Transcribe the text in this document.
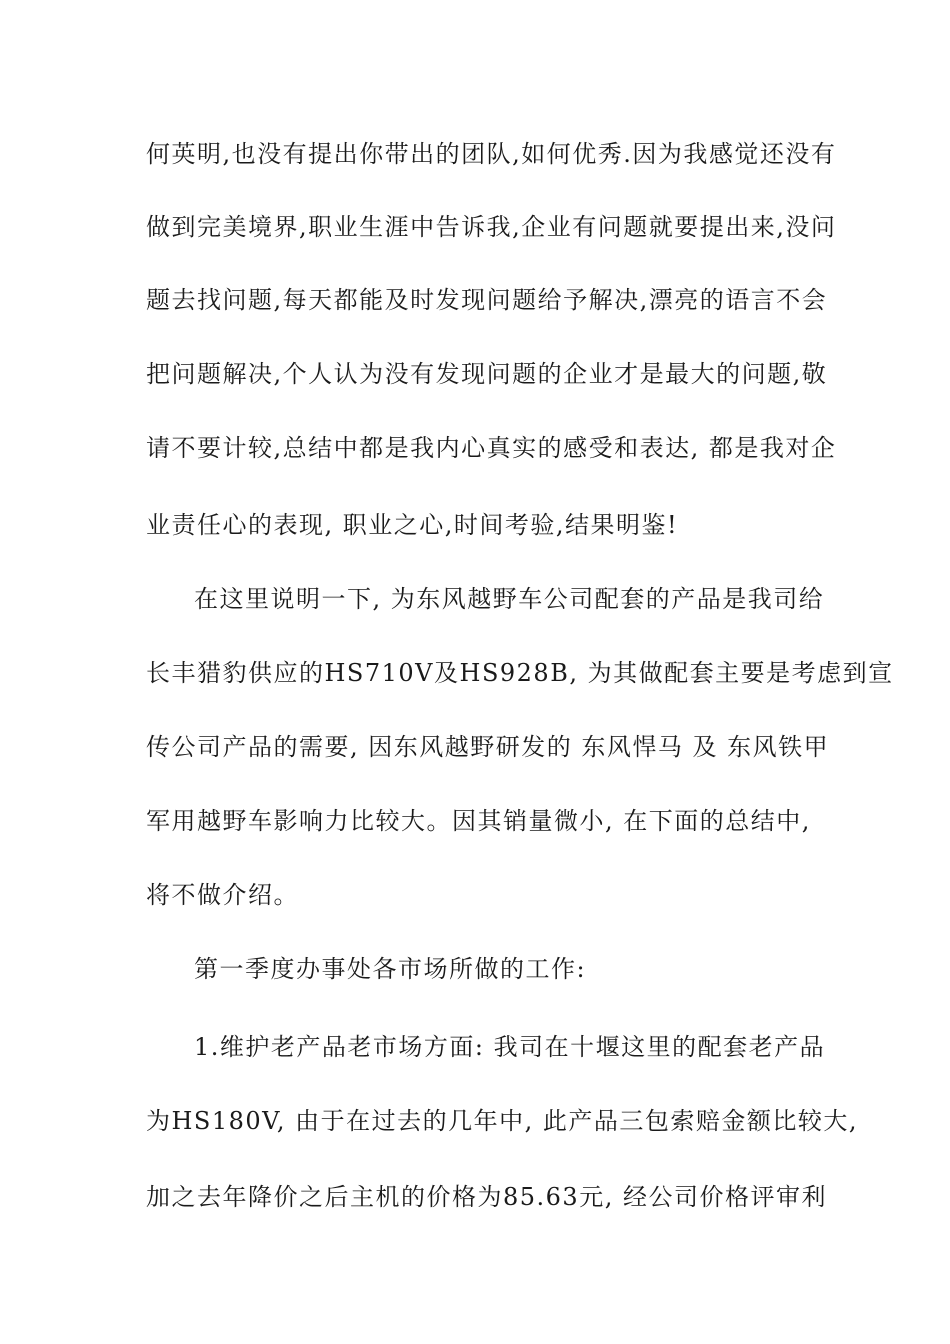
何英明,也没有提出你带出的团队,如何优秀.因为我感觉还没有

做到完美境界,职业生涯中告诉我,企业有问题就要提出来,没问

题去找问题,每天都能及时发现问题给予解决,漂亮的语言不会

把问题解决,个人认为没有发现问题的企业才是最大的问题,敬

请不要计较,总结中都是我内心真实的感受和表达, 都是我对企

业责任心的表现, 职业之心,时间考验,结果明鉴!

在这里说明一下, 为东风越野车公司配套的产品是我司给

长丰猎豹供应的HS710V及HS928B, 为其做配套主要是考虑到宣

传公司产品的需要, 因东风越野研发的 东风悍马 及 东风铁甲

军用越野车影响力比较大。因其销量微小, 在下面的总结中,

将不做介绍。

第一季度办事处各市场所做的工作:

1.维护老产品老市场方面: 我司在十堰这里的配套老产品

为HS180V, 由于在过去的几年中, 此产品三包索赔金额比较大,

加之去年降价之后主机的价格为85.63元, 经公司价格评审利
